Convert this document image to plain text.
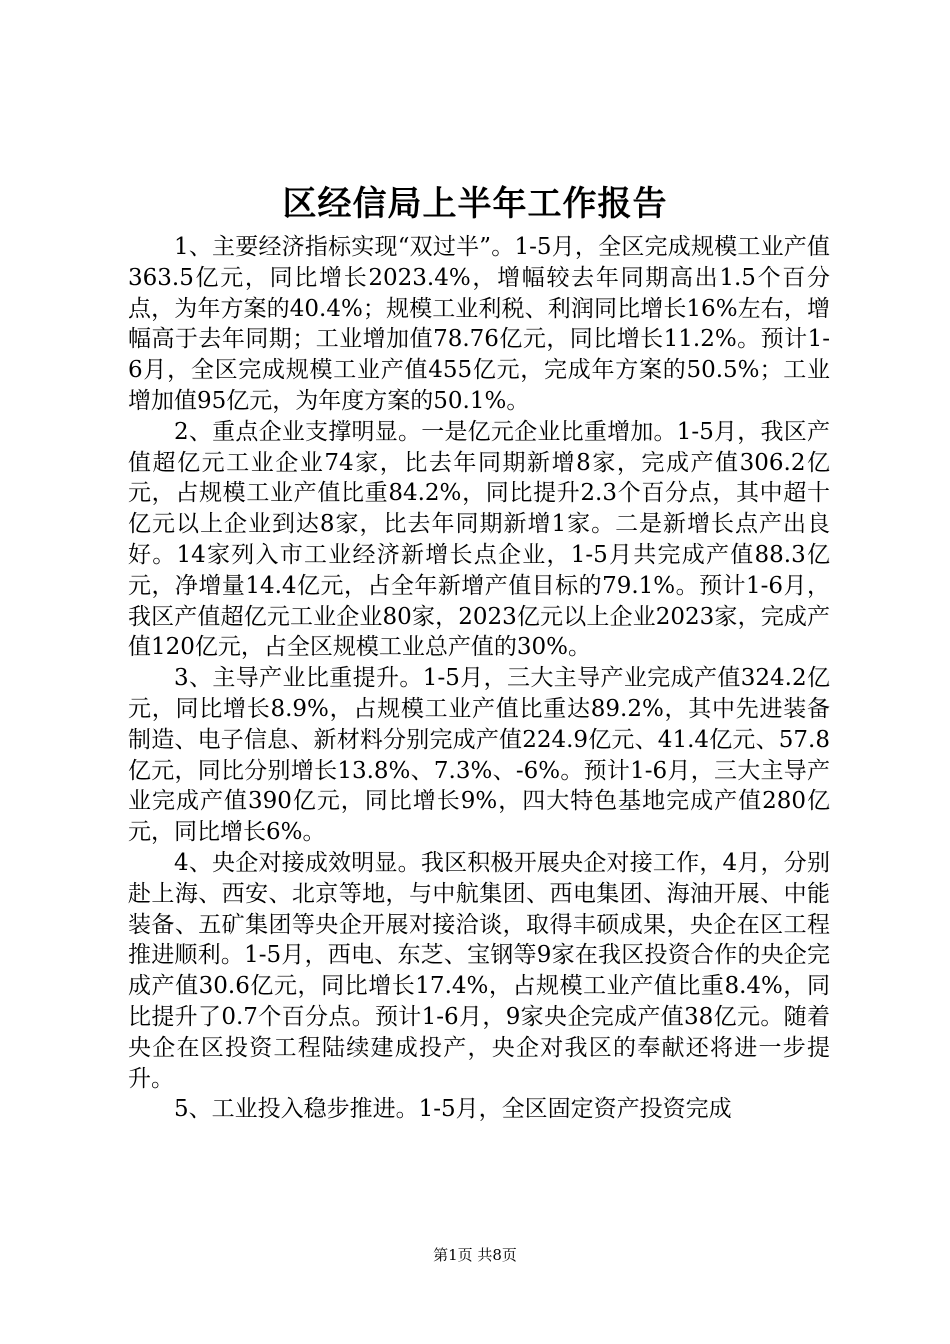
区经信局上半年工作报告

1、主要经济指标实现“双过半”。1-5月，全区完成规模工业产值363.5亿元，同比增长2023.4%，增幅较去年同期高出1.5个百分点，为年方案的40.4%；规模工业利税、利润同比增长16%左右，增幅高于去年同期；工业增加值78.76亿元，同比增长11.2%。预计1-6月，全区完成规模工业产值455亿元，完成年方案的50.5%；工业增加值95亿元，为年度方案的50.1%。

2、重点企业支撑明显。一是亿元企业比重增加。1-5月，我区产值超亿元工业企业74家，比去年同期新增8家，完成产值306.2亿元，占规模工业产值比重84.2%，同比提升2.3个百分点，其中超十亿元以上企业到达8家，比去年同期新增1家。二是新增长点产出良好。14家列入市工业经济新增长点企业，1-5月共完成产值88.3亿元，净增量14.4亿元，占全年新增产值目标的79.1%。预计1-6月，我区产值超亿元工业企业80家，2023亿元以上企业2023家，完成产值120亿元，占全区规模工业总产值的30%。

3、主导产业比重提升。1-5月，三大主导产业完成产值324.2亿元，同比增长8.9%，占规模工业产值比重达89.2%，其中先进装备制造、电子信息、新材料分别完成产值224.9亿元、41.4亿元、57.8亿元，同比分别增长13.8%、7.3%、-6%。预计1-6月，三大主导产业完成产值390亿元，同比增长9%，四大特色基地完成产值280亿元，同比增长6%。

4、央企对接成效明显。我区积极开展央企对接工作，4月，分别赴上海、西安、北京等地，与中航集团、西电集团、海油开展、中能装备、五矿集团等央企开展对接洽谈，取得丰硕成果，央企在区工程推进顺利。1-5月，西电、东芝、宝钢等9家在我区投资合作的央企完成产值30.6亿元，同比增长17.4%，占规模工业产值比重8.4%，同比提升了0.7个百分点。预计1-6月，9家央企完成产值38亿元。随着央企在区投资工程陆续建成投产，央企对我区的奉献还将进一步提升。

5、工业投入稳步推进。1-5月，全区固定资产投资完成

第1页 共8页
